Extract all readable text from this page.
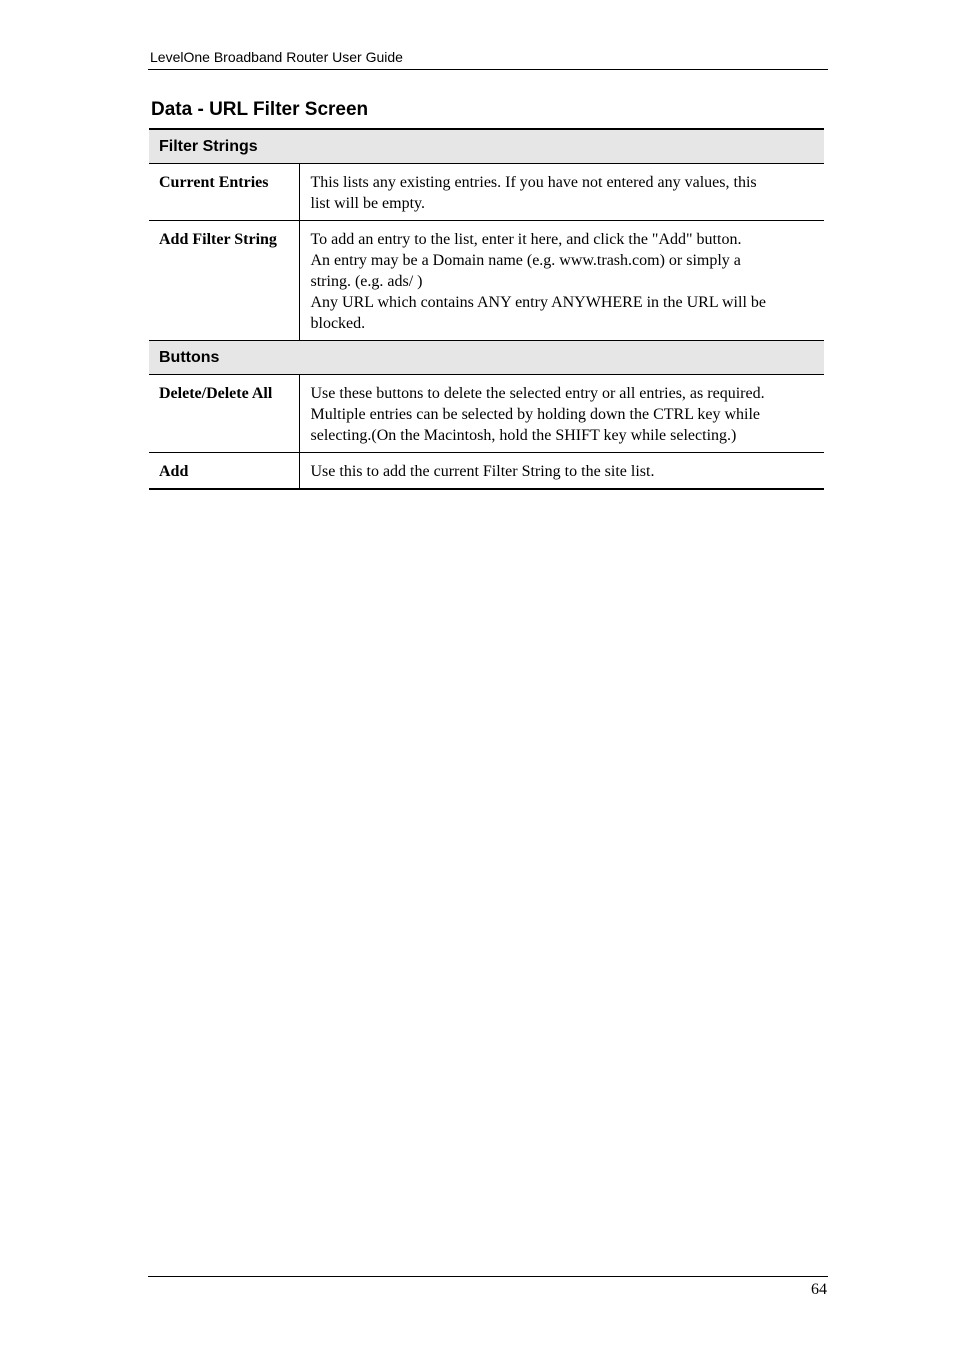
LevelOne Broadband Router User Guide
Data - URL Filter Screen
Filter Strings	
Current Entries	This lists any existing entries. If you have not entered any values, this
list will be empty.

Add Filter String	To add an entry to the list, enter it here, and click the "Add" button.
An entry may be a Domain name (e.g. www.trash.com) or simply a
string. (e.g. ads/ )
Any URL which contains ANY entry ANYWHERE in the URL will be
blocked.

Buttons	
Delete/Delete All	Use these buttons to delete the selected entry or all entries, as required.
Multiple entries can be selected by holding down the CTRL key while
selecting.(On the Macintosh, hold the SHIFT key while selecting.)

Add	Use this to add the current Filter String to the site list.
64
